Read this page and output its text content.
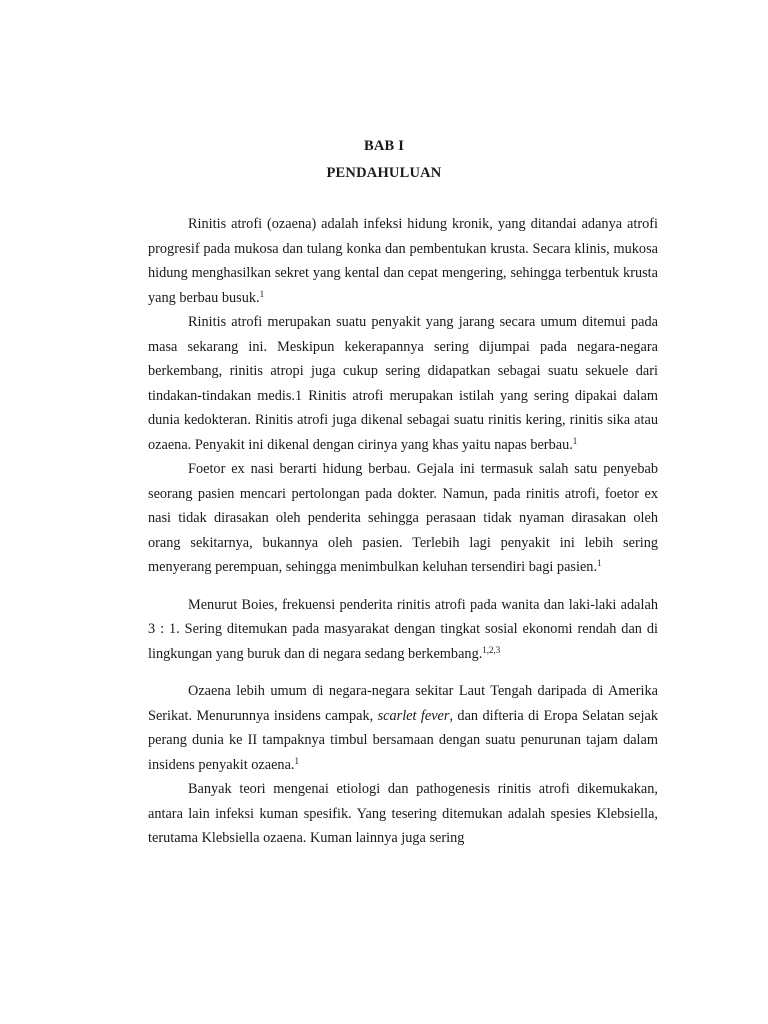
BAB I
PENDAHULUAN

Rinitis atrofi (ozaena) adalah infeksi hidung kronik, yang ditandai adanya atrofi progresif pada mukosa dan tulang konka dan pembentukan krusta. Secara klinis, mukosa hidung menghasilkan sekret yang kental dan cepat mengering, sehingga terbentuk krusta yang berbau busuk.$^1$

Rinitis atrofi merupakan suatu penyakit yang jarang secara umum ditemui pada masa sekarang ini. Meskipun kekerapannya sering dijumpai pada negara-negara berkembang, rinitis atropi juga cukup sering didapatkan sebagai suatu sekuele dari tindakan-tindakan medis.1 Rinitis atrofi merupakan istilah yang sering dipakai dalam dunia kedokteran. Rinitis atrofi juga dikenal sebagai suatu rinitis kering, rinitis sika atau ozaena. Penyakit ini dikenal dengan cirinya yang khas yaitu napas berbau.$^1$

Foetor ex nasi berarti hidung berbau. Gejala ini termasuk salah satu penyebab seorang pasien mencari pertolongan pada dokter. Namun, pada rinitis atrofi, foetor ex nasi tidak dirasakan oleh penderita sehingga perasaan tidak nyaman dirasakan oleh orang sekitarnya, bukannya oleh pasien. Terlebih lagi penyakit ini lebih sering menyerang perempuan, sehingga menimbulkan keluhan tersendiri bagi pasien.$^1$

Menurut Boies, frekuensi penderita rinitis atrofi pada wanita dan laki-laki adalah 3 : 1. Sering ditemukan pada masyarakat dengan tingkat sosial ekonomi rendah dan di lingkungan yang buruk dan di negara sedang berkembang.$^{1,2,3}$

Ozaena lebih umum di negara-negara sekitar Laut Tengah daripada di Amerika Serikat. Menurunnya insidens campak, scarlet fever, dan difteria di Eropa Selatan sejak perang dunia ke II tampaknya timbul bersamaan dengan suatu penurunan tajam dalam insidens penyakit ozaena.$^1$

Banyak teori mengenai etiologi dan pathogenesis rinitis atrofi dikemukakan, antara lain infeksi kuman spesifik. Yang tesering ditemukan adalah spesies Klebsiella, terutama Klebsiella ozaena. Kuman lainnya juga sering
